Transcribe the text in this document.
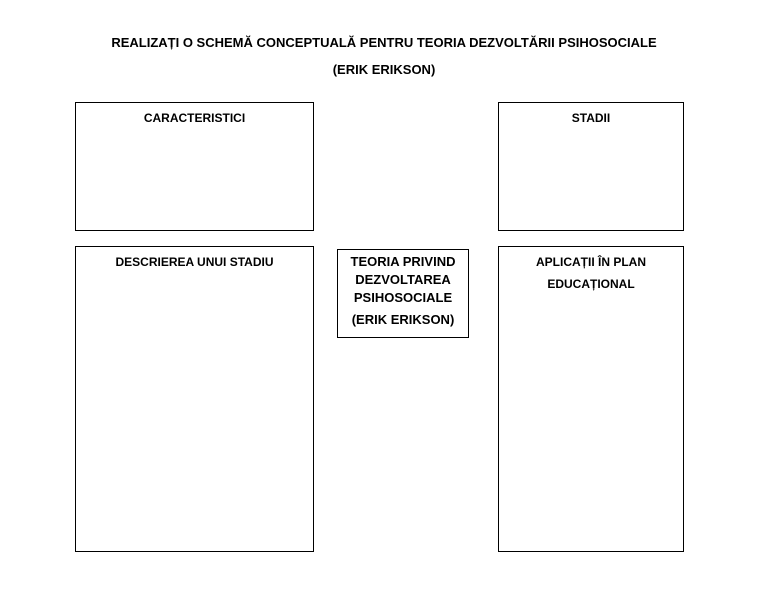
REALIZAȚI O SCHEMĂ CONCEPTUALĂ PENTRU TEORIA DEZVOLTĂRII PSIHOSOCIALE
(ERIK ERIKSON)
CARACTERISTICI	STADII
DESCRIEREA UNUI STADIU	TEORIA PRIVIND
DEZVOLTAREA
PSIHOSOCIALE
(ERIK ERIKSON)
APLICAȚII ÎN PLAN
EDUCAȚIONAL
